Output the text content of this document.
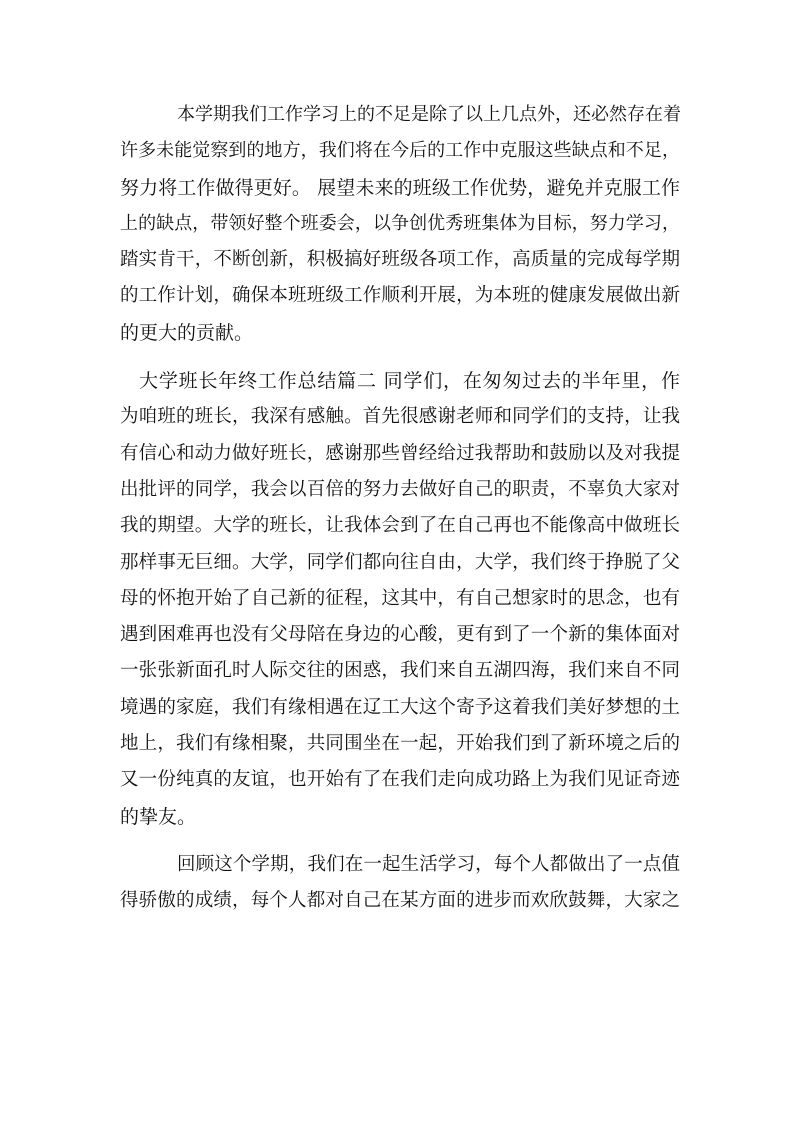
本学期我们工作学习上的不足是除了以上几点外，还必然存在着
许多未能觉察到的地方，我们将在今后的工作中克服这些缺点和不足，
努力将工作做得更好。 展望未来的班级工作优势，避免并克服工作
上的缺点，带领好整个班委会，以争创优秀班集体为目标，努力学习，
踏实肯干，不断创新，积极搞好班级各项工作，高质量的完成每学期
的工作计划，确保本班班级工作顺利开展，为本班的健康发展做出新
的更大的贡献。
大学班长年终工作总结篇二 同学们，在匆匆过去的半年里，作
为咱班的班长，我深有感触。首先很感谢老师和同学们的支持，让我
有信心和动力做好班长，感谢那些曾经给过我帮助和鼓励以及对我提
出批评的同学，我会以百倍的努力去做好自己的职责，不辜负大家对
我的期望。大学的班长，让我体会到了在自己再也不能像高中做班长
那样事无巨细。大学，同学们都向往自由，大学，我们终于挣脱了父
母的怀抱开始了自己新的征程，这其中，有自己想家时的思念，也有
遇到困难再也没有父母陪在身边的心酸，更有到了一个新的集体面对
一张张新面孔时人际交往的困惑，我们来自五湖四海，我们来自不同
境遇的家庭，我们有缘相遇在辽工大这个寄予这着我们美好梦想的土
地上，我们有缘相聚，共同围坐在一起，开始我们到了新环境之后的
又一份纯真的友谊，也开始有了在我们走向成功路上为我们见证奇迹
的挚友。
回顾这个学期，我们在一起生活学习，每个人都做出了一点值
得骄傲的成绩，每个人都对自己在某方面的进步而欢欣鼓舞，大家之
